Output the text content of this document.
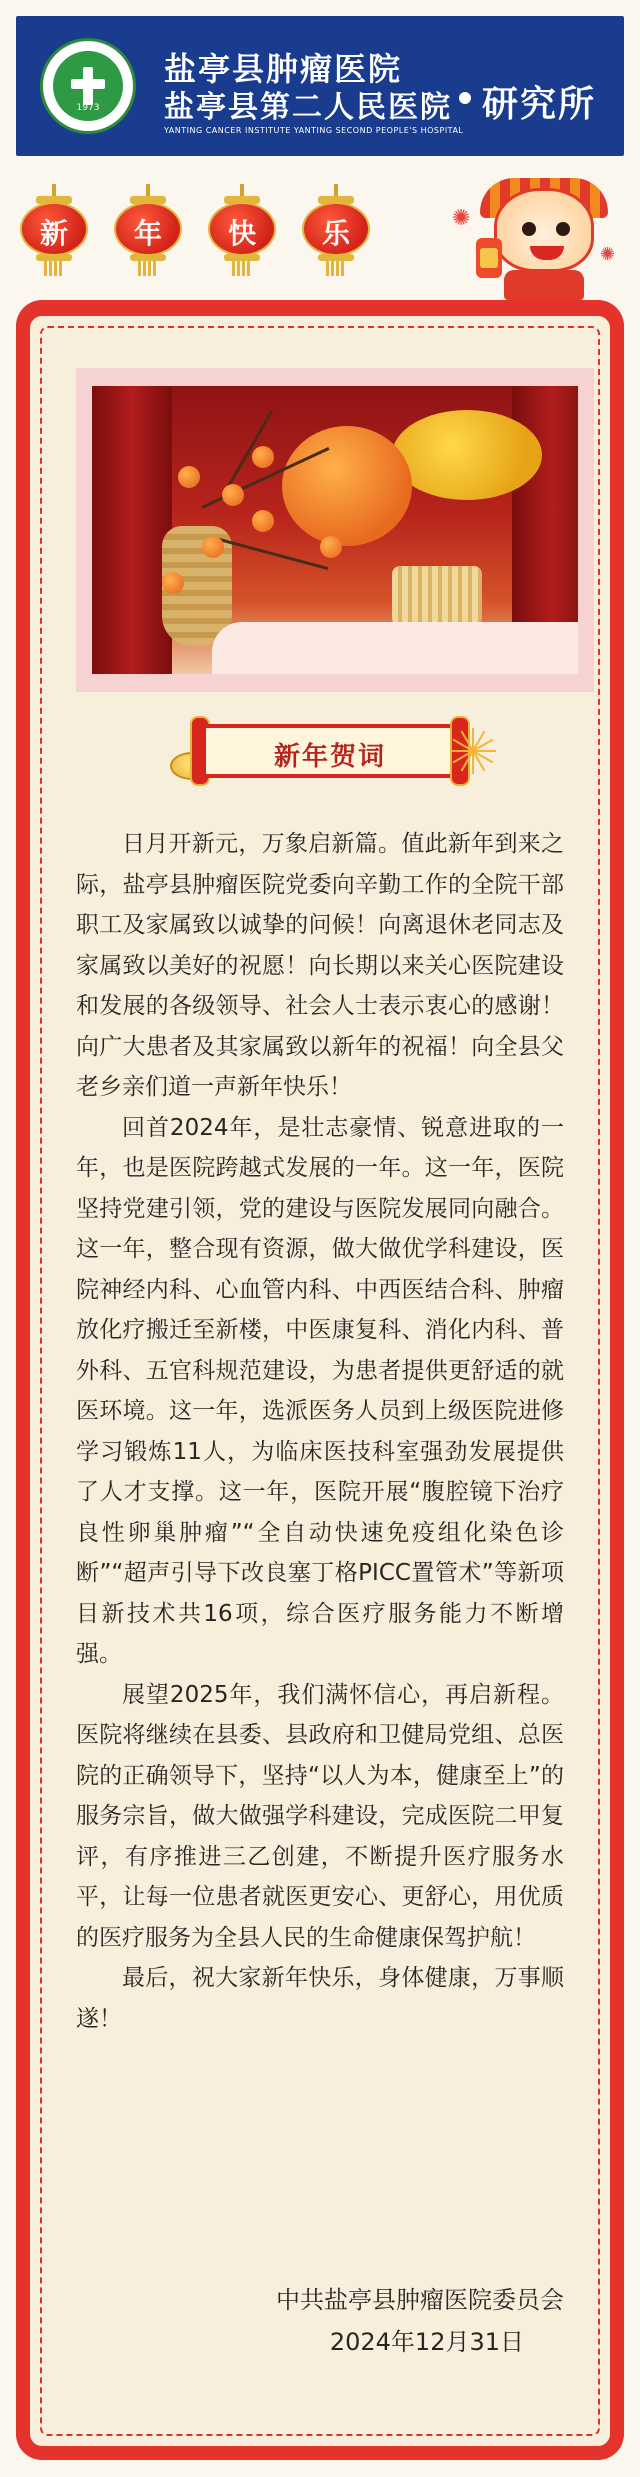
1973
盐亭县肿瘤医院
盐亭县第二人民医院
YANTING CANCER INSTITUTE YANTING SECOND PEOPLE'S HOSPITAL
研究所
新	年	快	乐	✺
✺
新年贺词

日月开新元，万象启新篇。值此新年到来之际，盐亭县肿瘤医院党委向辛勤工作的全院干部职工及家属致以诚挚的问候！向离退休老同志及家属致以美好的祝愿！向长期以来关心医院建设和发展的各级领导、社会人士表示衷心的感谢！向广大患者及其家属致以新年的祝福！向全县父老乡亲们道一声新年快乐！

回首2024年，是壮志豪情、锐意进取的一年，也是医院跨越式发展的一年。这一年，医院坚持党建引领，党的建设与医院发展同向融合。这一年，整合现有资源，做大做优学科建设，医院神经内科、心血管内科、中西医结合科、肿瘤放化疗搬迁至新楼，中医康复科、消化内科、普外科、五官科规范建设，为患者提供更舒适的就医环境。这一年，选派医务人员到上级医院进修学习锻炼11人，为临床医技科室强劲发展提供了人才支撑。这一年，医院开展“腹腔镜下治疗良性卵巢肿瘤”“全自动快速免疫组化染色诊断”“超声引导下改良塞丁格PICC置管术”等新项目新技术共16项，综合医疗服务能力不断增强。

展望2025年，我们满怀信心，再启新程。医院将继续在县委、县政府和卫健局党组、总医院的正确领导下，坚持“以人为本，健康至上”的服务宗旨，做大做强学科建设，完成医院二甲复评，有序推进三乙创建，不断提升医疗服务水平，让每一位患者就医更安心、更舒心，用优质的医疗服务为全县人民的生命健康保驾护航！

最后，祝大家新年快乐，身体健康，万事顺遂！

中共盐亭县肿瘤医院委员会
2024年12月31日
